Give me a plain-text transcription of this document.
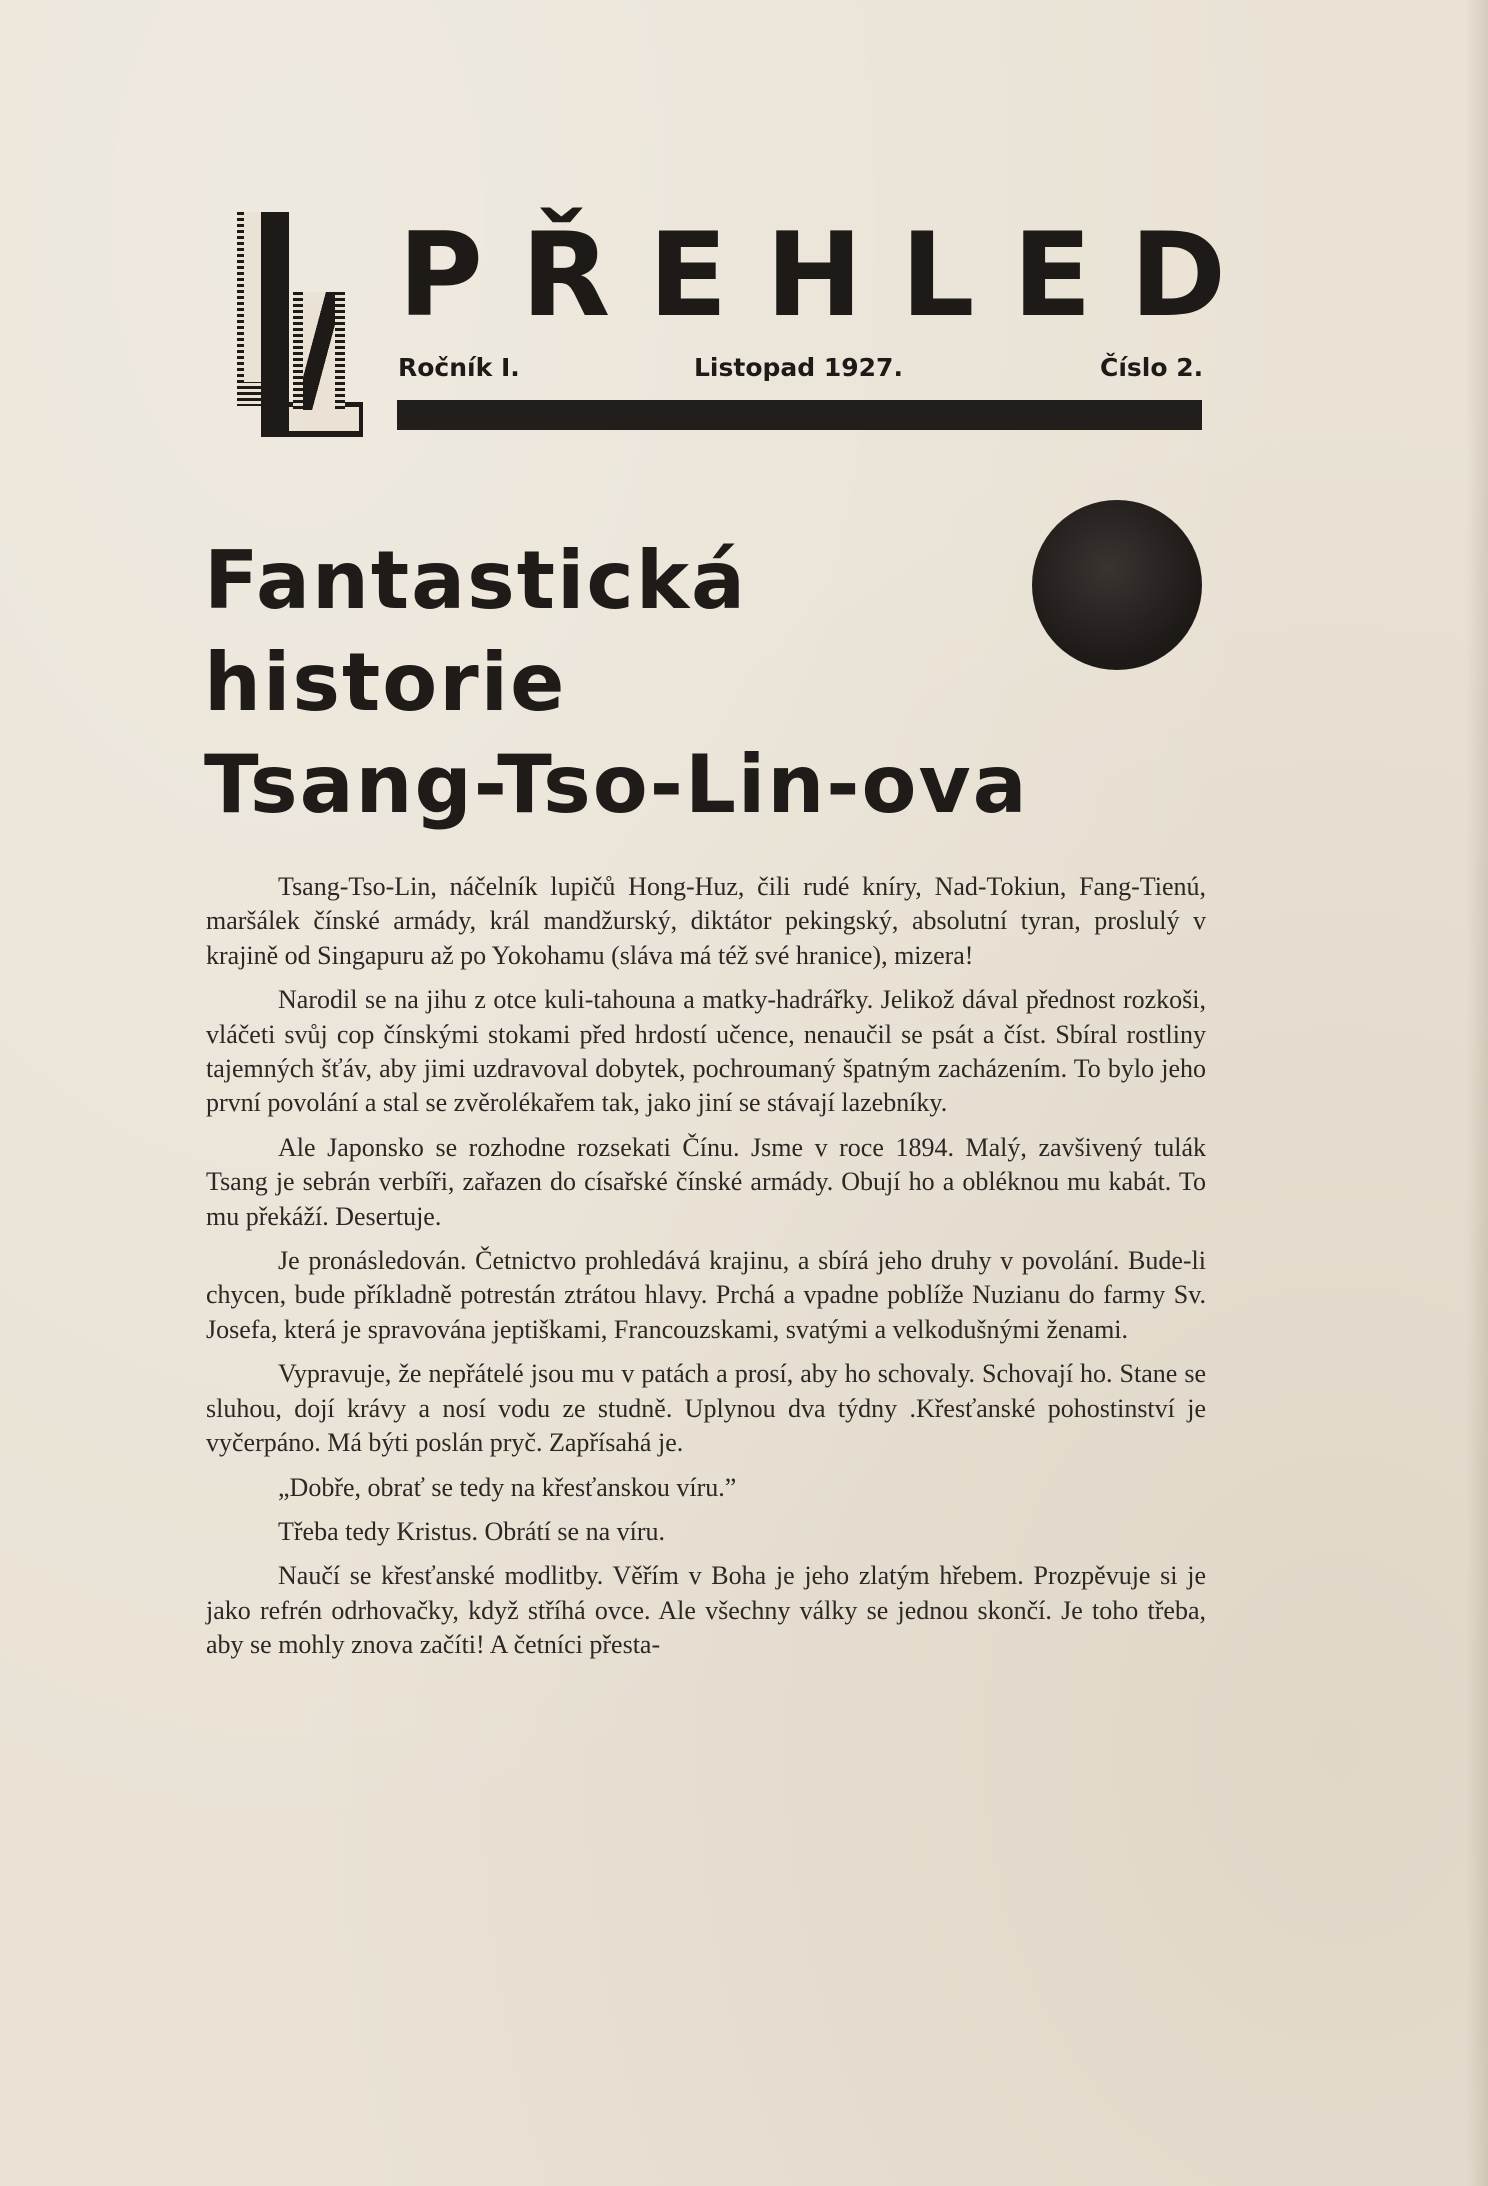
PŘEHLED
Ročník I.	Listopad 1927.	Číslo 2.
Fantastická
historie
Tsang-Tso-Lin-ova

Tsang-Tso-Lin, náčelník lupičů Hong-Huz, čili rudé kníry, Nad-Tokiun, Fang-Tienú, maršálek čínské armády, král mandžurský, diktátor pekingský, absolutní tyran, proslulý v krajině od Singapuru až po Yokohamu (sláva má též své hranice), mizera!

Narodil se na jihu z otce kuli-tahouna a matky-hadrářky. Jelikož dával přednost rozkoši, vláčeti svůj cop čínskými stokami před hrdostí učence, nenaučil se psát a číst. Sbíral rostliny tajemných šťáv, aby jimi uzdravoval dobytek, pochroumaný špatným zacházením. To bylo jeho první povolání a stal se zvěrolékařem tak, jako jiní se stávají lazebníky.

Ale Japonsko se rozhodne rozsekati Čínu. Jsme v roce 1894. Malý, zavšivený tulák Tsang je sebrán verbíři, zařazen do císařské čínské armády. Obují ho a obléknou mu kabát. To mu překáží. Desertuje.

Je pronásledován. Četnictvo prohledává krajinu, a sbírá jeho druhy v povolání. Bude-li chycen, bude příkladně potrestán ztrátou hlavy. Prchá a vpadne poblíže Nuzianu do farmy Sv. Josefa, která je spravována jeptiškami, Francouzskami, svatými a velkodušnými ženami.

Vypravuje, že nepřátelé jsou mu v patách a prosí, aby ho schovaly. Schovají ho. Stane se sluhou, dojí krávy a nosí vodu ze studně. Uplynou dva týdny .Křesťanské pohostinství je vyčerpáno. Má býti poslán pryč. Zapřísahá je.

„Dobře, obrať se tedy na křesťanskou víru.”

Třeba tedy Kristus. Obrátí se na víru.

Naučí se křesťanské modlitby. Věřím v Boha je jeho zlatým hřebem. Prozpěvuje si je jako refrén odrhovačky, když stříhá ovce. Ale všechny války se jednou skončí. Je toho třeba, aby se mohly znova začíti! A četníci přesta-
